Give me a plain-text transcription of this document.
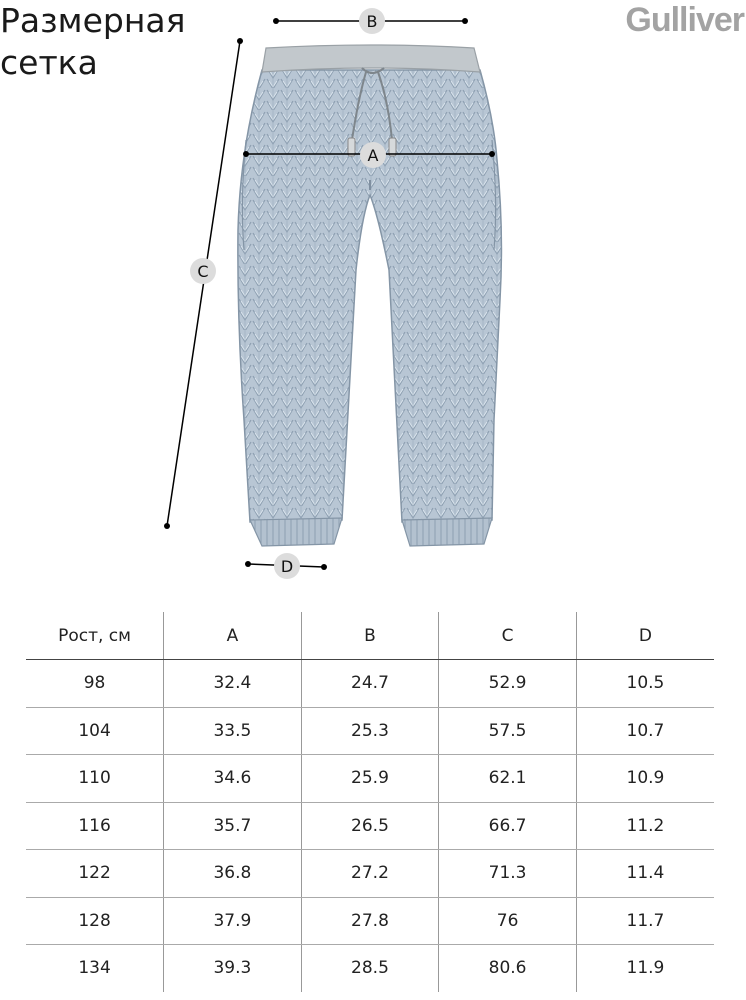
Размерная
сетка
Gulliver
B
A
C
D
Рост, см	A	B	C	D
98	32.4	24.7	52.9	10.5
104	33.5	25.3	57.5	10.7
110	34.6	25.9	62.1	10.9
116	35.7	26.5	66.7	11.2
122	36.8	27.2	71.3	11.4
128	37.9	27.8	76	11.7
134	39.3	28.5	80.6	11.9
